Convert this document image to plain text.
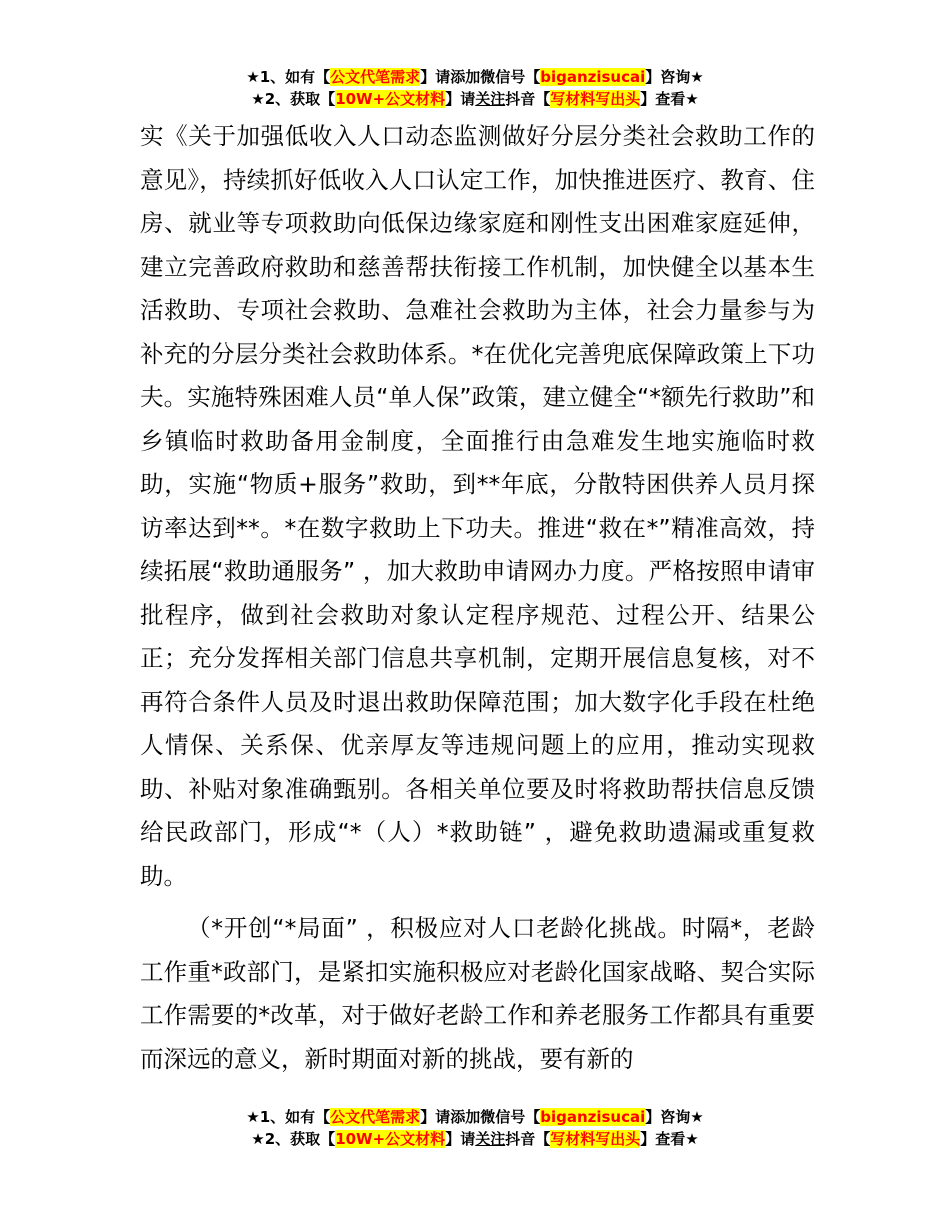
★1、如有【公文代笔需求】请添加微信号【biganzisucai】咨询★
★2、获取【10W+公文材料】请关注抖音【写材料写出头】查看★

实《关于加强低收入人口动态监测做好分层分类社会救助工作的意见》，持续抓好低收入人口认定工作，加快推进医疗、教育、住房、就业等专项救助向低保边缘家庭和刚性支出困难家庭延伸，建立完善政府救助和慈善帮扶衔接工作机制，加快健全以基本生活救助、专项社会救助、急难社会救助为主体，社会力量参与为补充的分层分类社会救助体系。*在优化完善兜底保障政策上下功夫。实施特殊困难人员“单人保”政策，建立健全“*额先行救助”和乡镇临时救助备用金制度，全面推行由急难发生地实施临时救助，实施“物质+服务”救助，到**年底，分散特困供养人员月探访率达到**。*在数字救助上下功夫。推进“救在*”精准高效，持续拓展“救助通服务” ，加大救助申请网办力度。严格按照申请审批程序，做到社会救助对象认定程序规范、过程公开、结果公正；充分发挥相关部门信息共享机制，定期开展信息复核，对不再符合条件人员及时退出救助保障范围；加大数字化手段在杜绝人情保、关系保、优亲厚友等违规问题上的应用，推动实现救助、补贴对象准确甄别。各相关单位要及时将救助帮扶信息反馈给民政部门，形成“*（人）*救助链” ，避免救助遗漏或重复救助。

（*开创“*局面” ，积极应对人口老龄化挑战。时隔*，老龄工作重*政部门，是紧扣实施积极应对老龄化国家战略、契合实际工作需要的*改革，对于做好老龄工作和养老服务工作都具有重要而深远的意义，新时期面对新的挑战，要有新的

★1、如有【公文代笔需求】请添加微信号【biganzisucai】咨询★
★2、获取【10W+公文材料】请关注抖音【写材料写出头】查看★
